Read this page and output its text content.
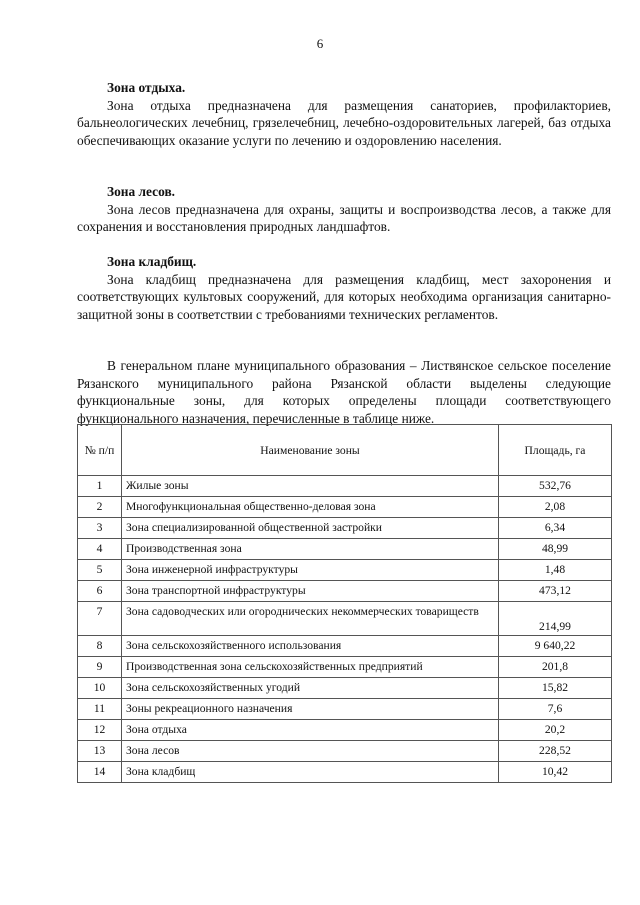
6

Зона отдыха.

Зона отдыха предназначена для размещения санаториев, профилакториев, бальнеологических лечебниц, грязелечебниц, лечебно-оздоровительных лагерей, баз отдыха обеспечивающих оказание услуги по лечению и оздоровлению населения.

Зона лесов.

Зона лесов предназначена для охраны, защиты и воспроизводства лесов, а также для сохранения и восстановления природных ландшафтов.

Зона кладбищ.

Зона кладбищ предназначена для размещения кладбищ, мест захоронения и соответствующих культовых сооружений, для которых необходима организация санитарно-защитной зоны в соответствии с требованиями технических регламентов.

В генеральном плане муниципального образования – Листвянское сельское поселение Рязанского муниципального района Рязанской области выделены следующие функциональные зоны, для которых определены площади соответствующего функционального назначения, перечисленные в таблице ниже.

№ п/п	Наименование зоны	Площадь, га
1	Жилые зоны	532,76
2	Многофункциональная общественно-деловая зона	2,08
3	Зона специализированной общественной застройки	6,34
4	Производственная зона	48,99
5	Зона инженерной инфраструктуры	1,48
6	Зона транспортной инфраструктуры	473,12
7	Зона садоводческих или огороднических некоммерческих товариществ	214,99
8	Зона сельскохозяйственного использования	9 640,22
9	Производственная зона сельскохозяйственных предприятий	201,8
10	Зона сельскохозяйственных угодий	15,82
11	Зоны рекреационного назначения	7,6
12	Зона отдыха	20,2
13	Зона лесов	228,52
14	Зона кладбищ	10,42
